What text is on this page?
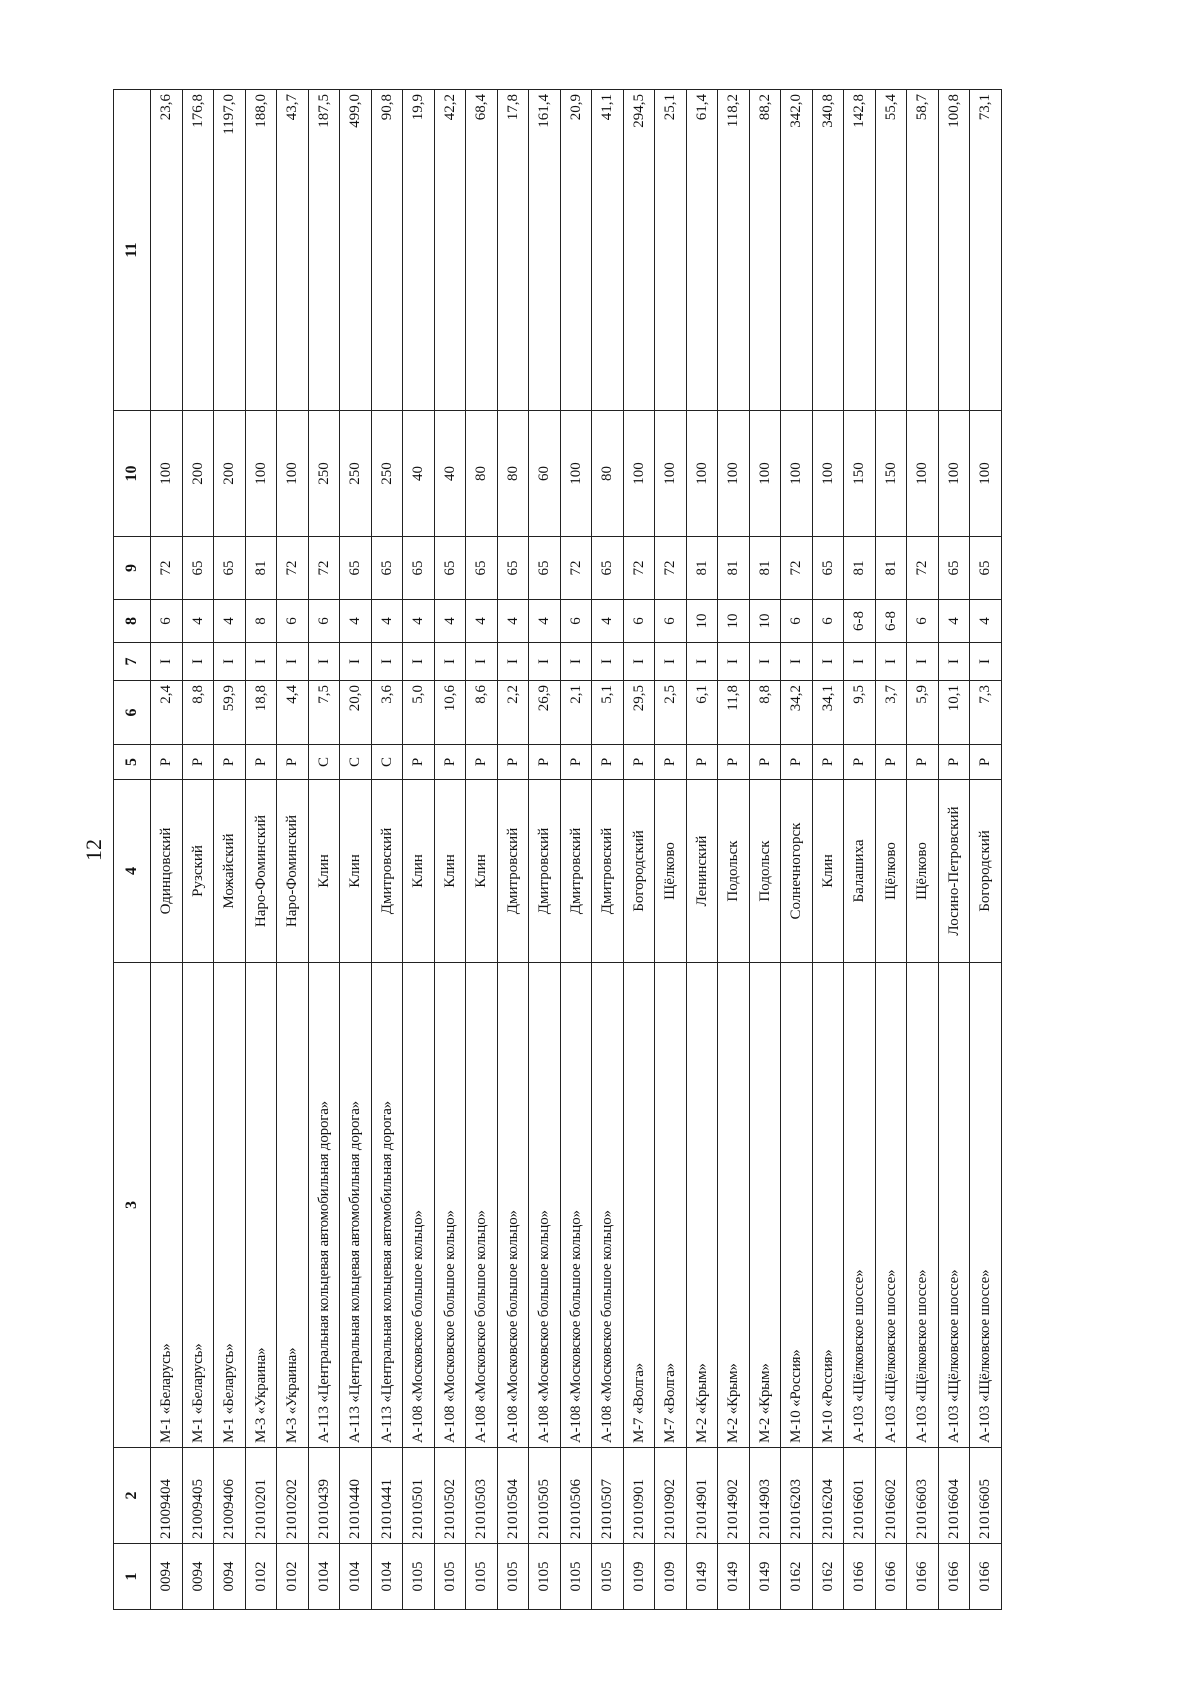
12
1	2	3	4	5	6	7	8	9	10	11
0094	21009404	М-1 «Беларусь»	Одинцовский	Р	2,4	I	6	72	100	23,6
0094	21009405	М-1 «Беларусь»	Рузский	Р	8,8	I	4	65	200	176,8
0094	21009406	М-1 «Беларусь»	Можайский	Р	59,9	I	4	65	200	1197,0
0102	21010201	М-3 «Украина»	Наро-Фоминский	Р	18,8	I	8	81	100	188,0
0102	21010202	М-3 «Украина»	Наро-Фоминский	Р	4,4	I	6	72	100	43,7
0104	21010439	А-113 «Центральная кольцевая автомобильная дорога»	Клин	С	7,5	I	6	72	250	187,5
0104	21010440	А-113 «Центральная кольцевая автомобильная дорога»	Клин	С	20,0	I	4	65	250	499,0
0104	21010441	А-113 «Центральная кольцевая автомобильная дорога»	Дмитровский	С	3,6	I	4	65	250	90,8
0105	21010501	А-108 «Московское большое кольцо»	Клин	Р	5,0	I	4	65	40	19,9
0105	21010502	А-108 «Московское большое кольцо»	Клин	Р	10,6	I	4	65	40	42,2
0105	21010503	А-108 «Московское большое кольцо»	Клин	Р	8,6	I	4	65	80	68,4
0105	21010504	А-108 «Московское большое кольцо»	Дмитровский	Р	2,2	I	4	65	80	17,8
0105	21010505	А-108 «Московское большое кольцо»	Дмитровский	Р	26,9	I	4	65	60	161,4
0105	21010506	А-108 «Московское большое кольцо»	Дмитровский	Р	2,1	I	6	72	100	20,9
0105	21010507	А-108 «Московское большое кольцо»	Дмитровский	Р	5,1	I	4	65	80	41,1
0109	21010901	М-7 «Волга»	Богородский	Р	29,5	I	6	72	100	294,5
0109	21010902	М-7 «Волга»	Щёлково	Р	2,5	I	6	72	100	25,1
0149	21014901	М-2 «Крым»	Ленинский	Р	6,1	I	10	81	100	61,4
0149	21014902	М-2 «Крым»	Подольск	Р	11,8	I	10	81	100	118,2
0149	21014903	М-2 «Крым»	Подольск	Р	8,8	I	10	81	100	88,2
0162	21016203	М-10 «Россия»	Солнечногорск	Р	34,2	I	6	72	100	342,0
0162	21016204	М-10 «Россия»	Клин	Р	34,1	I	6	65	100	340,8
0166	21016601	А-103 «Щёлковское шоссе»	Балашиха	Р	9,5	I	6-8	81	150	142,8
0166	21016602	А-103 «Щёлковское шоссе»	Щёлково	Р	3,7	I	6-8	81	150	55,4
0166	21016603	А-103 «Щёлковское шоссе»	Щёлково	Р	5,9	I	6	72	100	58,7
0166	21016604	А-103 «Щёлковское шоссе»	Лосино-Петровский	Р	10,1	I	4	65	100	100,8
0166	21016605	А-103 «Щёлковское шоссе»	Богородский	Р	7,3	I	4	65	100	73,1
